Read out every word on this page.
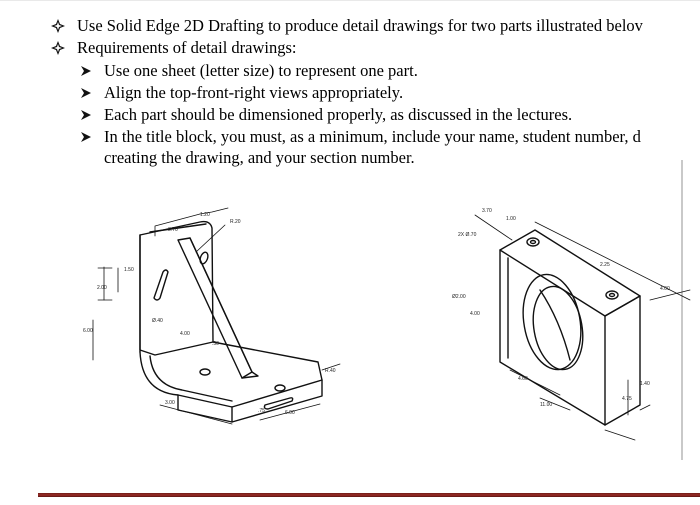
Use Solid Edge 2D Drafting to produce detail drawings for two parts illustrated belov
Requirements of detail drawings:
Use one sheet (letter size) to represent one part.
Align the top-front-right views appropriately.
Each part should be dimensioned properly, as discussed in the lectures.
In the title block, you must, as a minimum, include your name, student number, d
creating the drawing, and your section number.
3.70
1.20
R.20
2.00
1.50
6.00
Ø.40
4.00
.50
R.40
3.00
6.00
.75
3.70
1.00
2X Ø.70
2.25
Ø2.00
4.00
4.00
1.40
4.60
11.00
4.75
